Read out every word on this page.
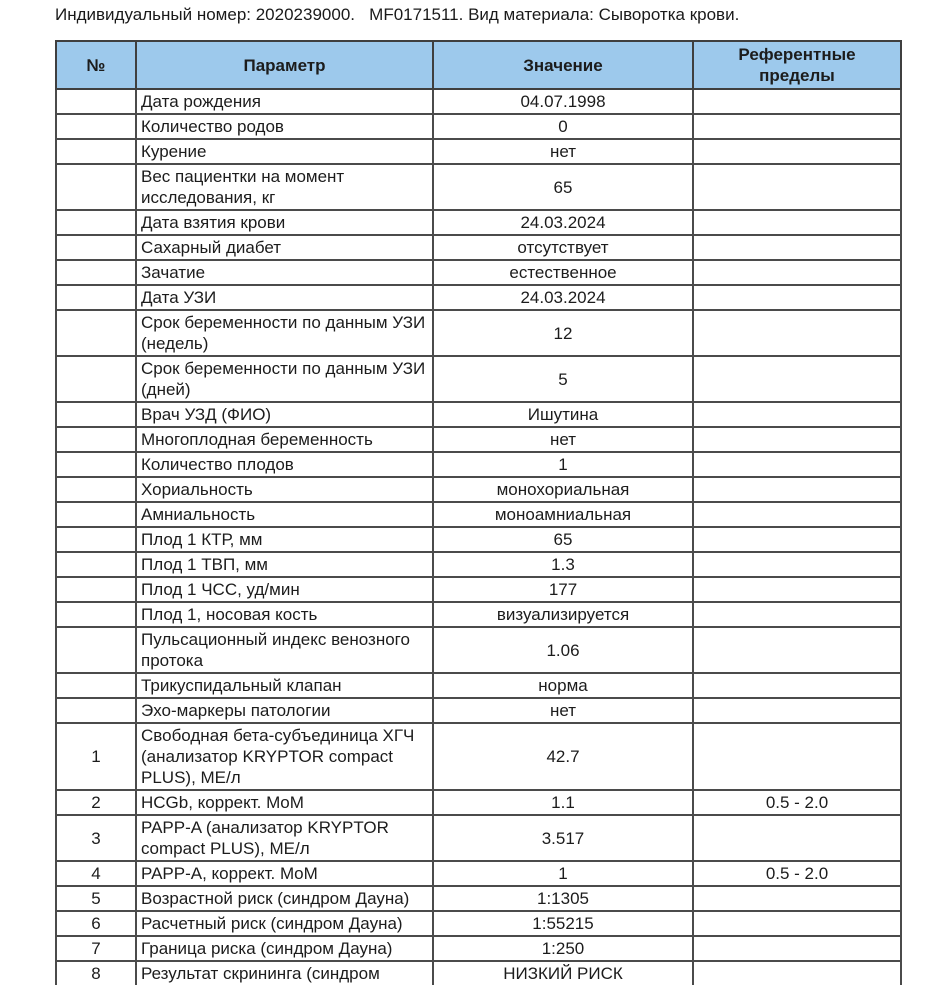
Индивидуальный номер: 2020239000.   MF0171511. Вид материала: Сыворотка крови.
№	Параметр	Значение	Референтные пределы
	Дата рождения	04.07.1998	
	Количество родов	0	
	Курение	нет	
	Вес пациентки на момент исследования, кг	65	
	Дата взятия крови	24.03.2024	
	Сахарный диабет	отсутствует	
	Зачатие	естественное	
	Дата УЗИ	24.03.2024	
	Срок беременности по данным УЗИ (недель)	12	
	Срок беременности по данным УЗИ (дней)	5	
	Врач УЗД (ФИО)	Ишутина	
	Многоплодная беременность	нет	
	Количество плодов	1	
	Хориальность	монохориальная	
	Амниальность	моноамниальная	
	Плод 1 КТР, мм	65	
	Плод 1 ТВП, мм	1.3	
	Плод 1 ЧСС, уд/мин	177	
	Плод 1, носовая кость	визуализируется	
	Пульсационный индекс венозного протока	1.06	
	Трикуспидальный клапан	норма	
	Эхо-маркеры патологии	нет	
1	Свободная бета-субъединица ХГЧ (анализатор KRYPTOR compact PLUS), МЕ/л	42.7	
2	HCGb, коррект. MoM	1.1	0.5 - 2.0
3	PAPP-A (анализатор KRYPTOR compact PLUS), МЕ/л	3.517	
4	PAPP-A, коррект. MoM	1	0.5 - 2.0
5	Возрастной риск (синдром Дауна)	1:1305	
6	Расчетный риск (синдром Дауна)	1:55215	
7	Граница риска (синдром Дауна)	1:250	
8	Результат скрининга (синдром	НИЗКИЙ РИСК	
